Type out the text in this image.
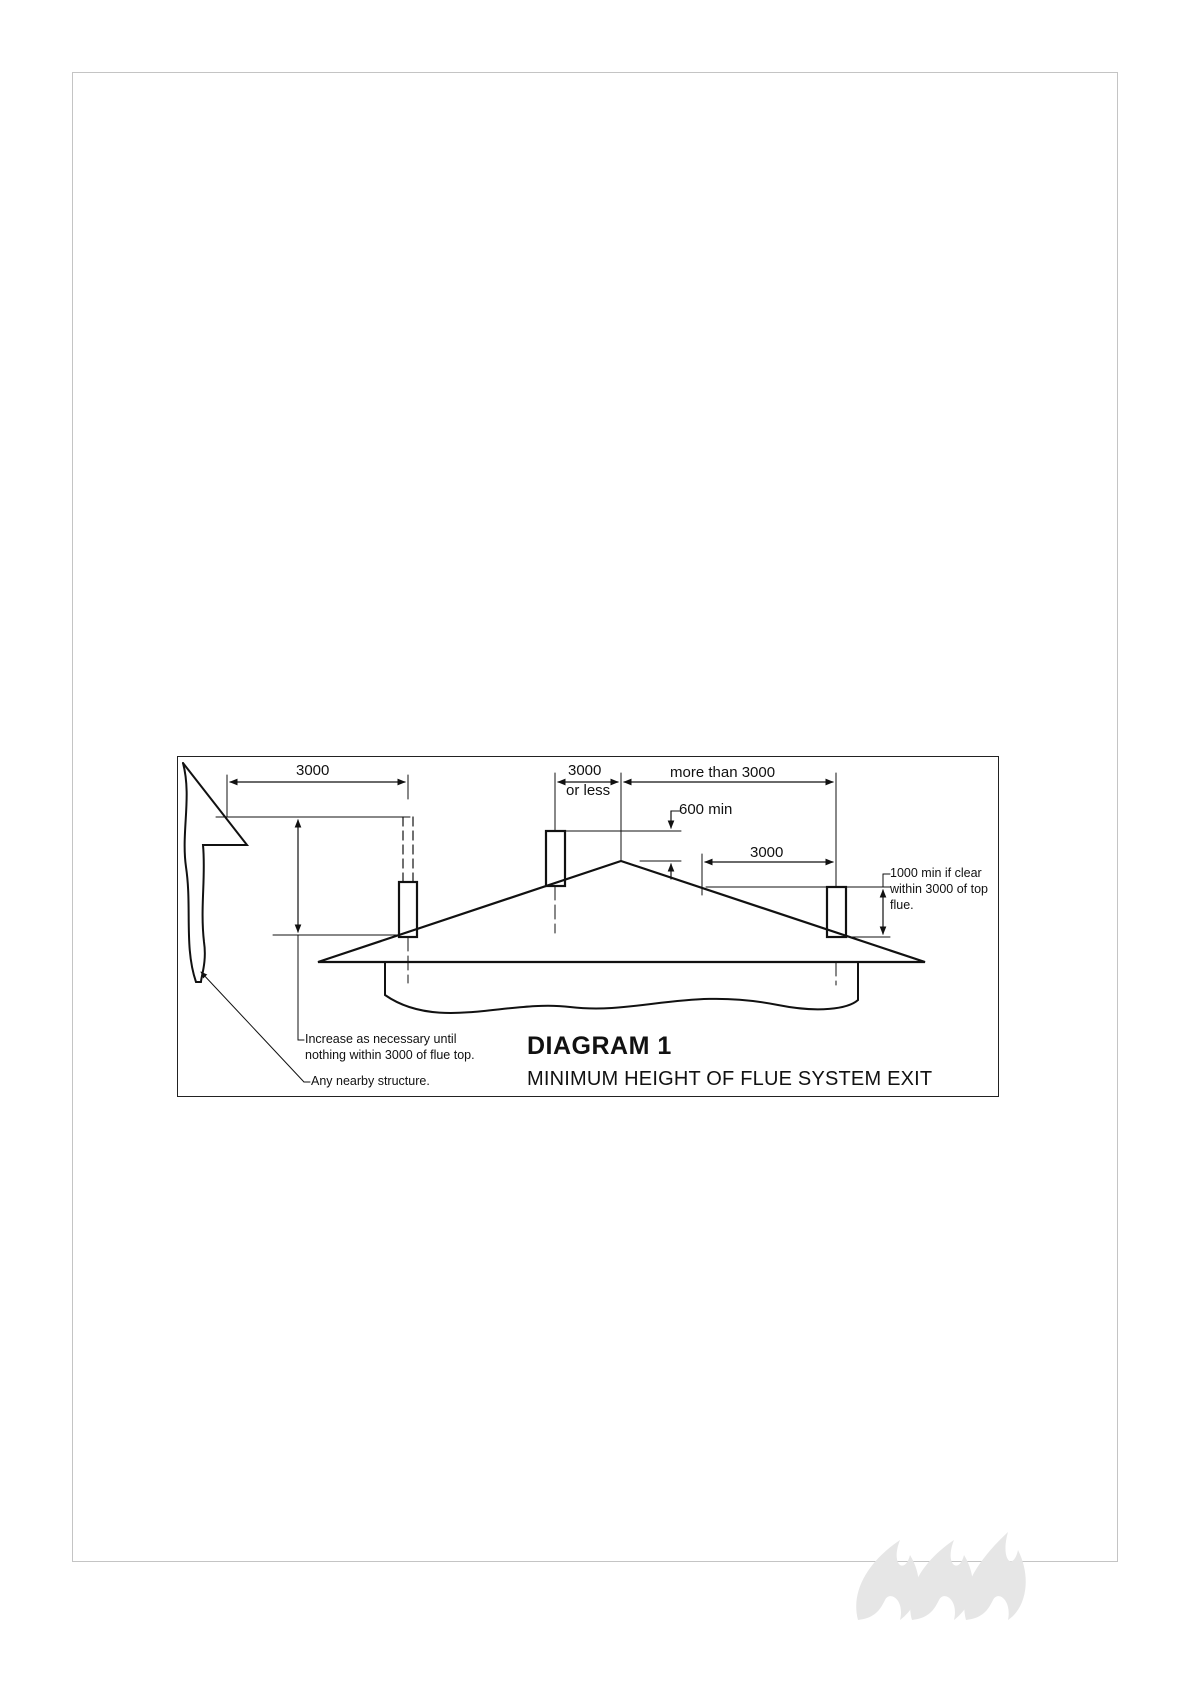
3000	3000
or less
more than 3000
600 min
3000
1000 min if clear
within 3000 of top
flue.
Increase as necessary until
nothing within 3000 of flue top.
Any nearby structure.
DIAGRAM 1
MINIMUM HEIGHT OF FLUE SYSTEM EXIT
